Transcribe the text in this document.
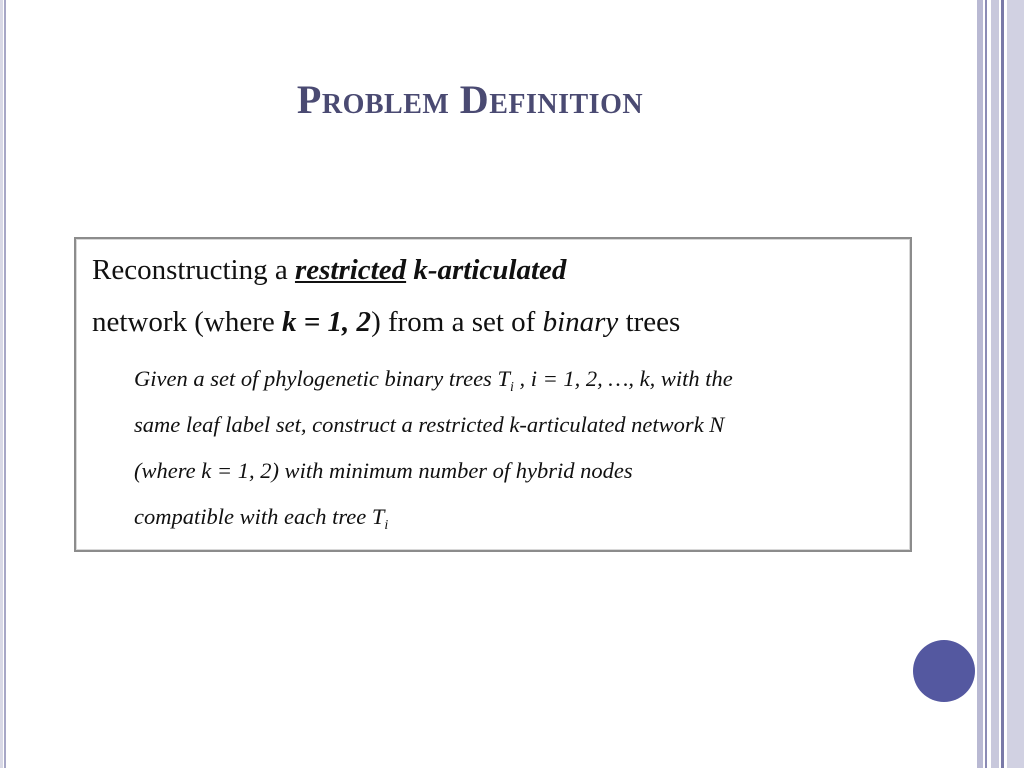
Problem Definition
Reconstructing a restricted k-articulated
network (where k = 1, 2) from a set of binary trees
Given a set of phylogenetic binary trees $T_i$ , i = 1, 2, …, k, with the
same leaf label set, construct a restricted k-articulated network N
(where k = 1, 2) with minimum number of hybrid nodes
compatible with each tree $T_i$
